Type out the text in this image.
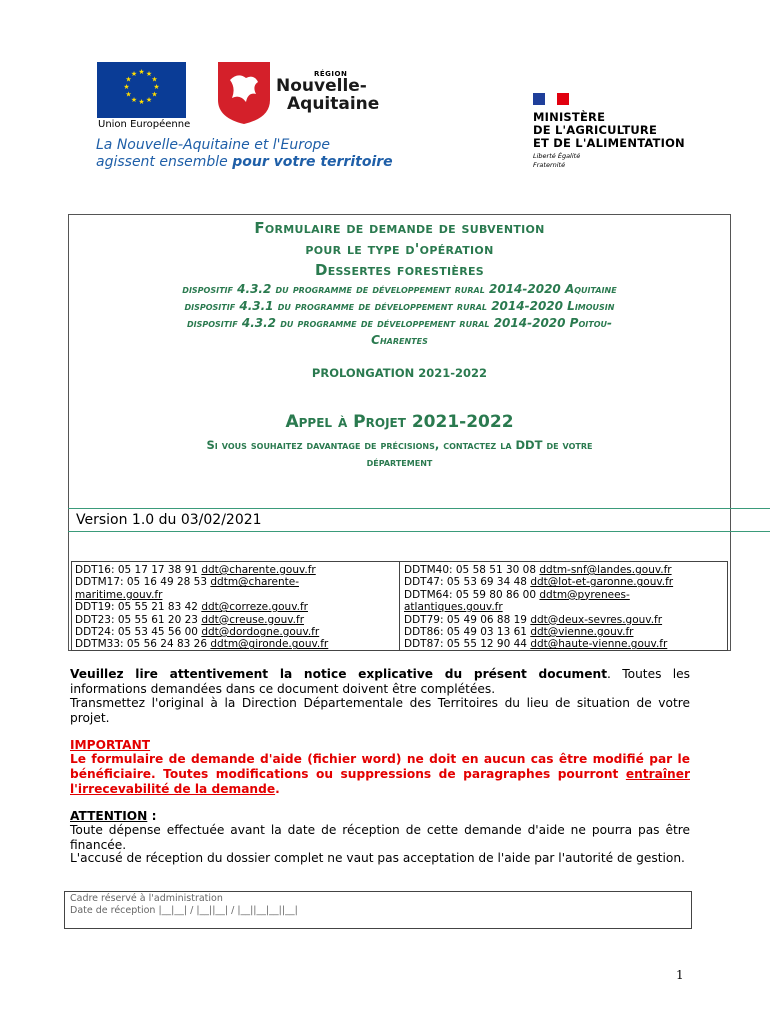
★ ★
★
★
★
★
★
★
★
★
★
★
Union Européenne
RÉGION
Nouvelle-
Aquitaine
La Nouvelle-Aquitaine et l'Europe
agissent ensemble pour votre territoire
MINISTÈRE
DE L'AGRICULTURE
ET DE L'ALIMENTATION
Liberté Égalité Fraternité
Formulaire de demande de subvention
pour le type d'opération
Dessertes forestières
dispositif 4.3.2 du programme de développement rural 2014-2020 Aquitaine
dispositif 4.3.1 du programme de développement rural 2014-2020 Limousin
dispositif 4.3.2 du programme de développement rural 2014-2020 Poitou-
Charentes
PROLONGATION 2021-2022
Appel à Projet 2021-2022
Si vous souhaitez davantage de précisions, contactez la DDT de votre
département
Version 1.0 du 03/02/2021
DDT16: 05 17 17 38 91 ddt@charente.gouv.fr
DDTM17: 05 16 49 28 53 ddtm@charente-
maritime.gouv.fr
DDT19: 05 55 21 83 42 ddt@correze.gouv.fr
DDT23: 05 55 61 20 23 ddt@creuse.gouv.fr
DDT24: 05 53 45 56 00 ddt@dordogne.gouv.fr
DDTM33: 05 56 24 83 26 ddtm@gironde.gouv.fr
DDTM40: 05 58 51 30 08 ddtm-snf@landes.gouv.fr
DDT47: 05 53 69 34 48 ddt@lot-et-garonne.gouv.fr
DDTM64: 05 59 80 86 00 ddtm@pyrenees-
atlantiques.gouv.fr
DDT79: 05 49 06 88 19 ddt@deux-sevres.gouv.fr
DDT86: 05 49 03 13 61 ddt@vienne.gouv.fr
DDT87: 05 55 12 90 44 ddt@haute-vienne.gouv.fr
Veuillez lire attentivement la notice explicative du présent document. Toutes les informations demandées dans ce document doivent être complétées.
Transmettez l'original à la Direction Départementale des Territoires du lieu de situation de votre projet.
IMPORTANT
Le formulaire de demande d'aide (fichier word) ne doit en aucun cas être modifié par le bénéficiaire. Toutes modifications ou suppressions de paragraphes pourront entraîner l'irrecevabilité de la demande.
ATTENTION :
Toute dépense effectuée avant la date de réception de cette demande d'aide ne pourra pas être financée.
L'accusé de réception du dossier complet ne vaut pas acceptation de l'aide par l'autorité de gestion.
Cadre réservé à l'administration
Date de réception |__|__| / |__||__| / |__||__|__||__|
1
